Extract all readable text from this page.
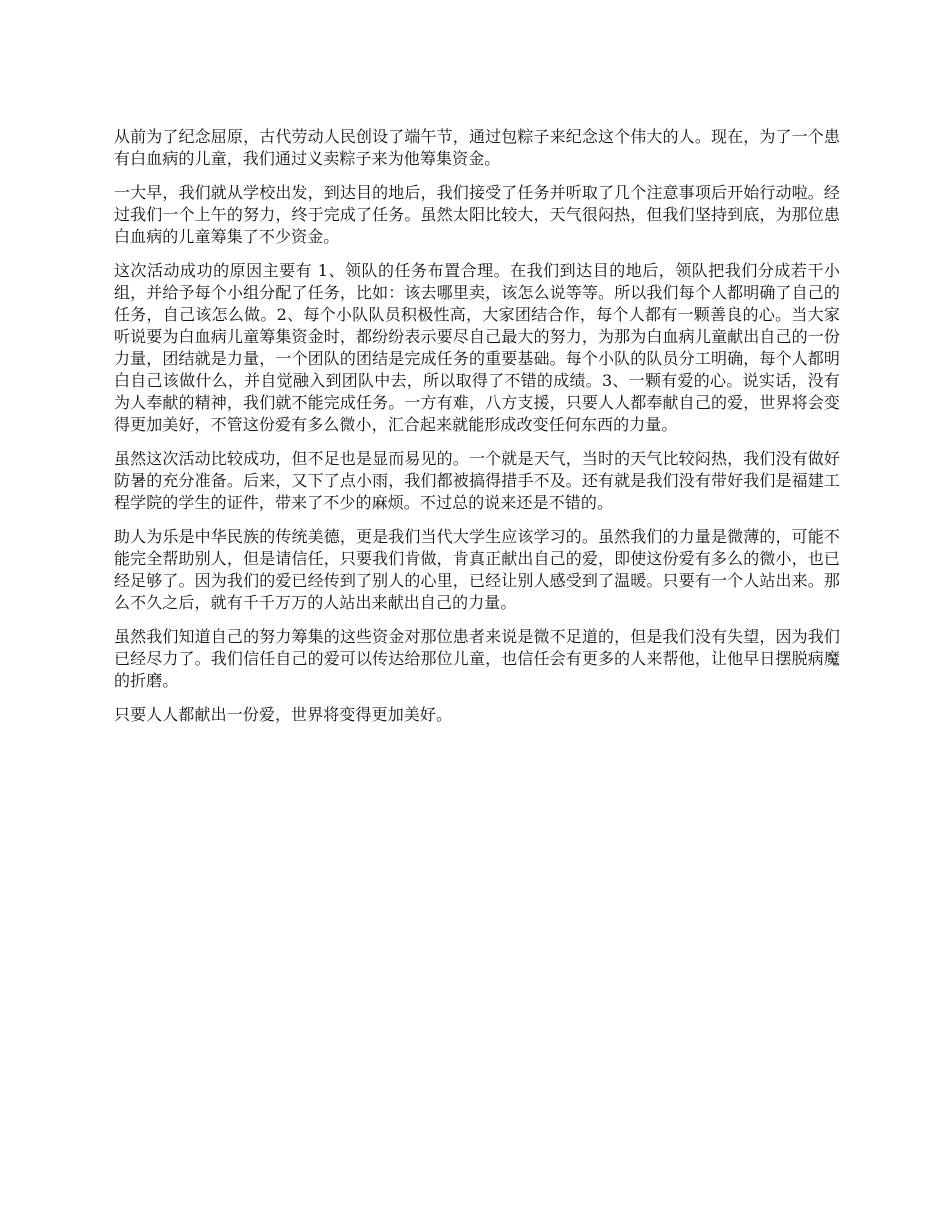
从前为了纪念屈原，古代劳动人民创设了端午节，通过包粽子来纪念这个伟大的人。现在，为了一个患有白血病的儿童，我们通过义卖粽子来为他筹集资金。

一大早，我们就从学校出发，到达目的地后，我们接受了任务并听取了几个注意事项后开始行动啦。经过我们一个上午的努力，终于完成了任务。虽然太阳比较大，天气很闷热，但我们坚持到底，为那位患白血病的儿童筹集了不少资金。

这次活动成功的原因主要有 1、领队的任务布置合理。在我们到达目的地后，领队把我们分成若干小组，并给予每个小组分配了任务，比如：该去哪里卖，该怎么说等等。所以我们每个人都明确了自己的任务，自己该怎么做。2、每个小队队员积极性高，大家团结合作，每个人都有一颗善良的心。当大家听说要为白血病儿童筹集资金时，都纷纷表示要尽自己最大的努力，为那为白血病儿童献出自己的一份力量，团结就是力量，一个团队的团结是完成任务的重要基础。每个小队的队员分工明确，每个人都明白自己该做什么，并自觉融入到团队中去，所以取得了不错的成绩。3、一颗有爱的心。说实话，没有为人奉献的精神，我们就不能完成任务。一方有难，八方支援，只要人人都奉献自己的爱，世界将会变得更加美好，不管这份爱有多么微小，汇合起来就能形成改变任何东西的力量。

虽然这次活动比较成功，但不足也是显而易见的。一个就是天气，当时的天气比较闷热，我们没有做好防暑的充分准备。后来，又下了点小雨，我们都被搞得措手不及。还有就是我们没有带好我们是福建工程学院的学生的证件，带来了不少的麻烦。不过总的说来还是不错的。

助人为乐是中华民族的传统美德，更是我们当代大学生应该学习的。虽然我们的力量是微薄的，可能不能完全帮助别人，但是请信任，只要我们肯做，肯真正献出自己的爱，即使这份爱有多么的微小，也已经足够了。因为我们的爱已经传到了别人的心里，已经让别人感受到了温暖。只要有一个人站出来。那么不久之后，就有千千万万的人站出来献出自己的力量。

虽然我们知道自己的努力筹集的这些资金对那位患者来说是微不足道的，但是我们没有失望，因为我们已经尽力了。我们信任自己的爱可以传达给那位儿童，也信任会有更多的人来帮他，让他早日摆脱病魔的折磨。

只要人人都献出一份爱，世界将变得更加美好。
